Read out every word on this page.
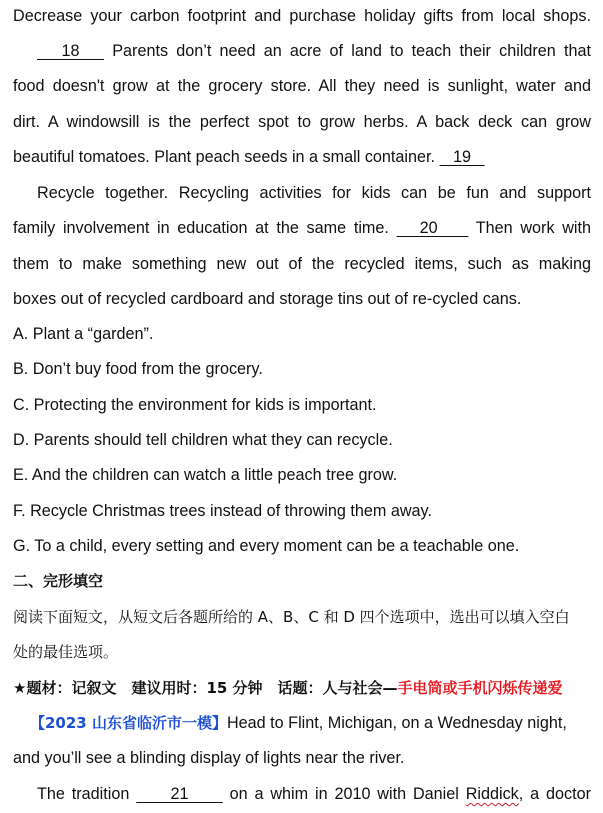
Decrease your carbon footprint and purchase holiday gifts from local shops.
18    Parents don’t need an acre of land to teach their children that
food doesn't grow at the grocery store. All they need is sunlight, water and
dirt. A windowsill is the perfect spot to grow herbs. A back deck can grow
beautiful tomatoes. Plant peach seeds in a small container.    19
Recycle together. Recycling activities for kids can be fun and support
family involvement in education at the same time.    20     Then work with
them to make something new out of the recycled items, such as making
boxes out of recycled cardboard and storage tins out of re-cycled cans.
A. Plant a “garden”.
B. Don’t buy food from the grocery.
C. Protecting the environment for kids is important.
D. Parents should tell children what they can recycle.
E. And the children can watch a little peach tree grow.
F. Recycle Christmas trees instead of throwing them away.
G. To a child, every setting and every moment can be a teachable one.
二、完形填空
阅读下面短文，从短文后各题所给的 A、B、C 和 D 四个选项中，选出可以填入空白
处的最佳选项。
★题材：记叙文　建议用时：15 分钟　话题：人与社会—手电筒或手机闪烁传递爱
【2023 山东省临沂市一模】Head to Flint, Michigan, on a Wednesday night,
and you’ll see a blinding display of lights near the river.
The tradition      21      on a whim in 2010 with Daniel Riddick, a doctor
